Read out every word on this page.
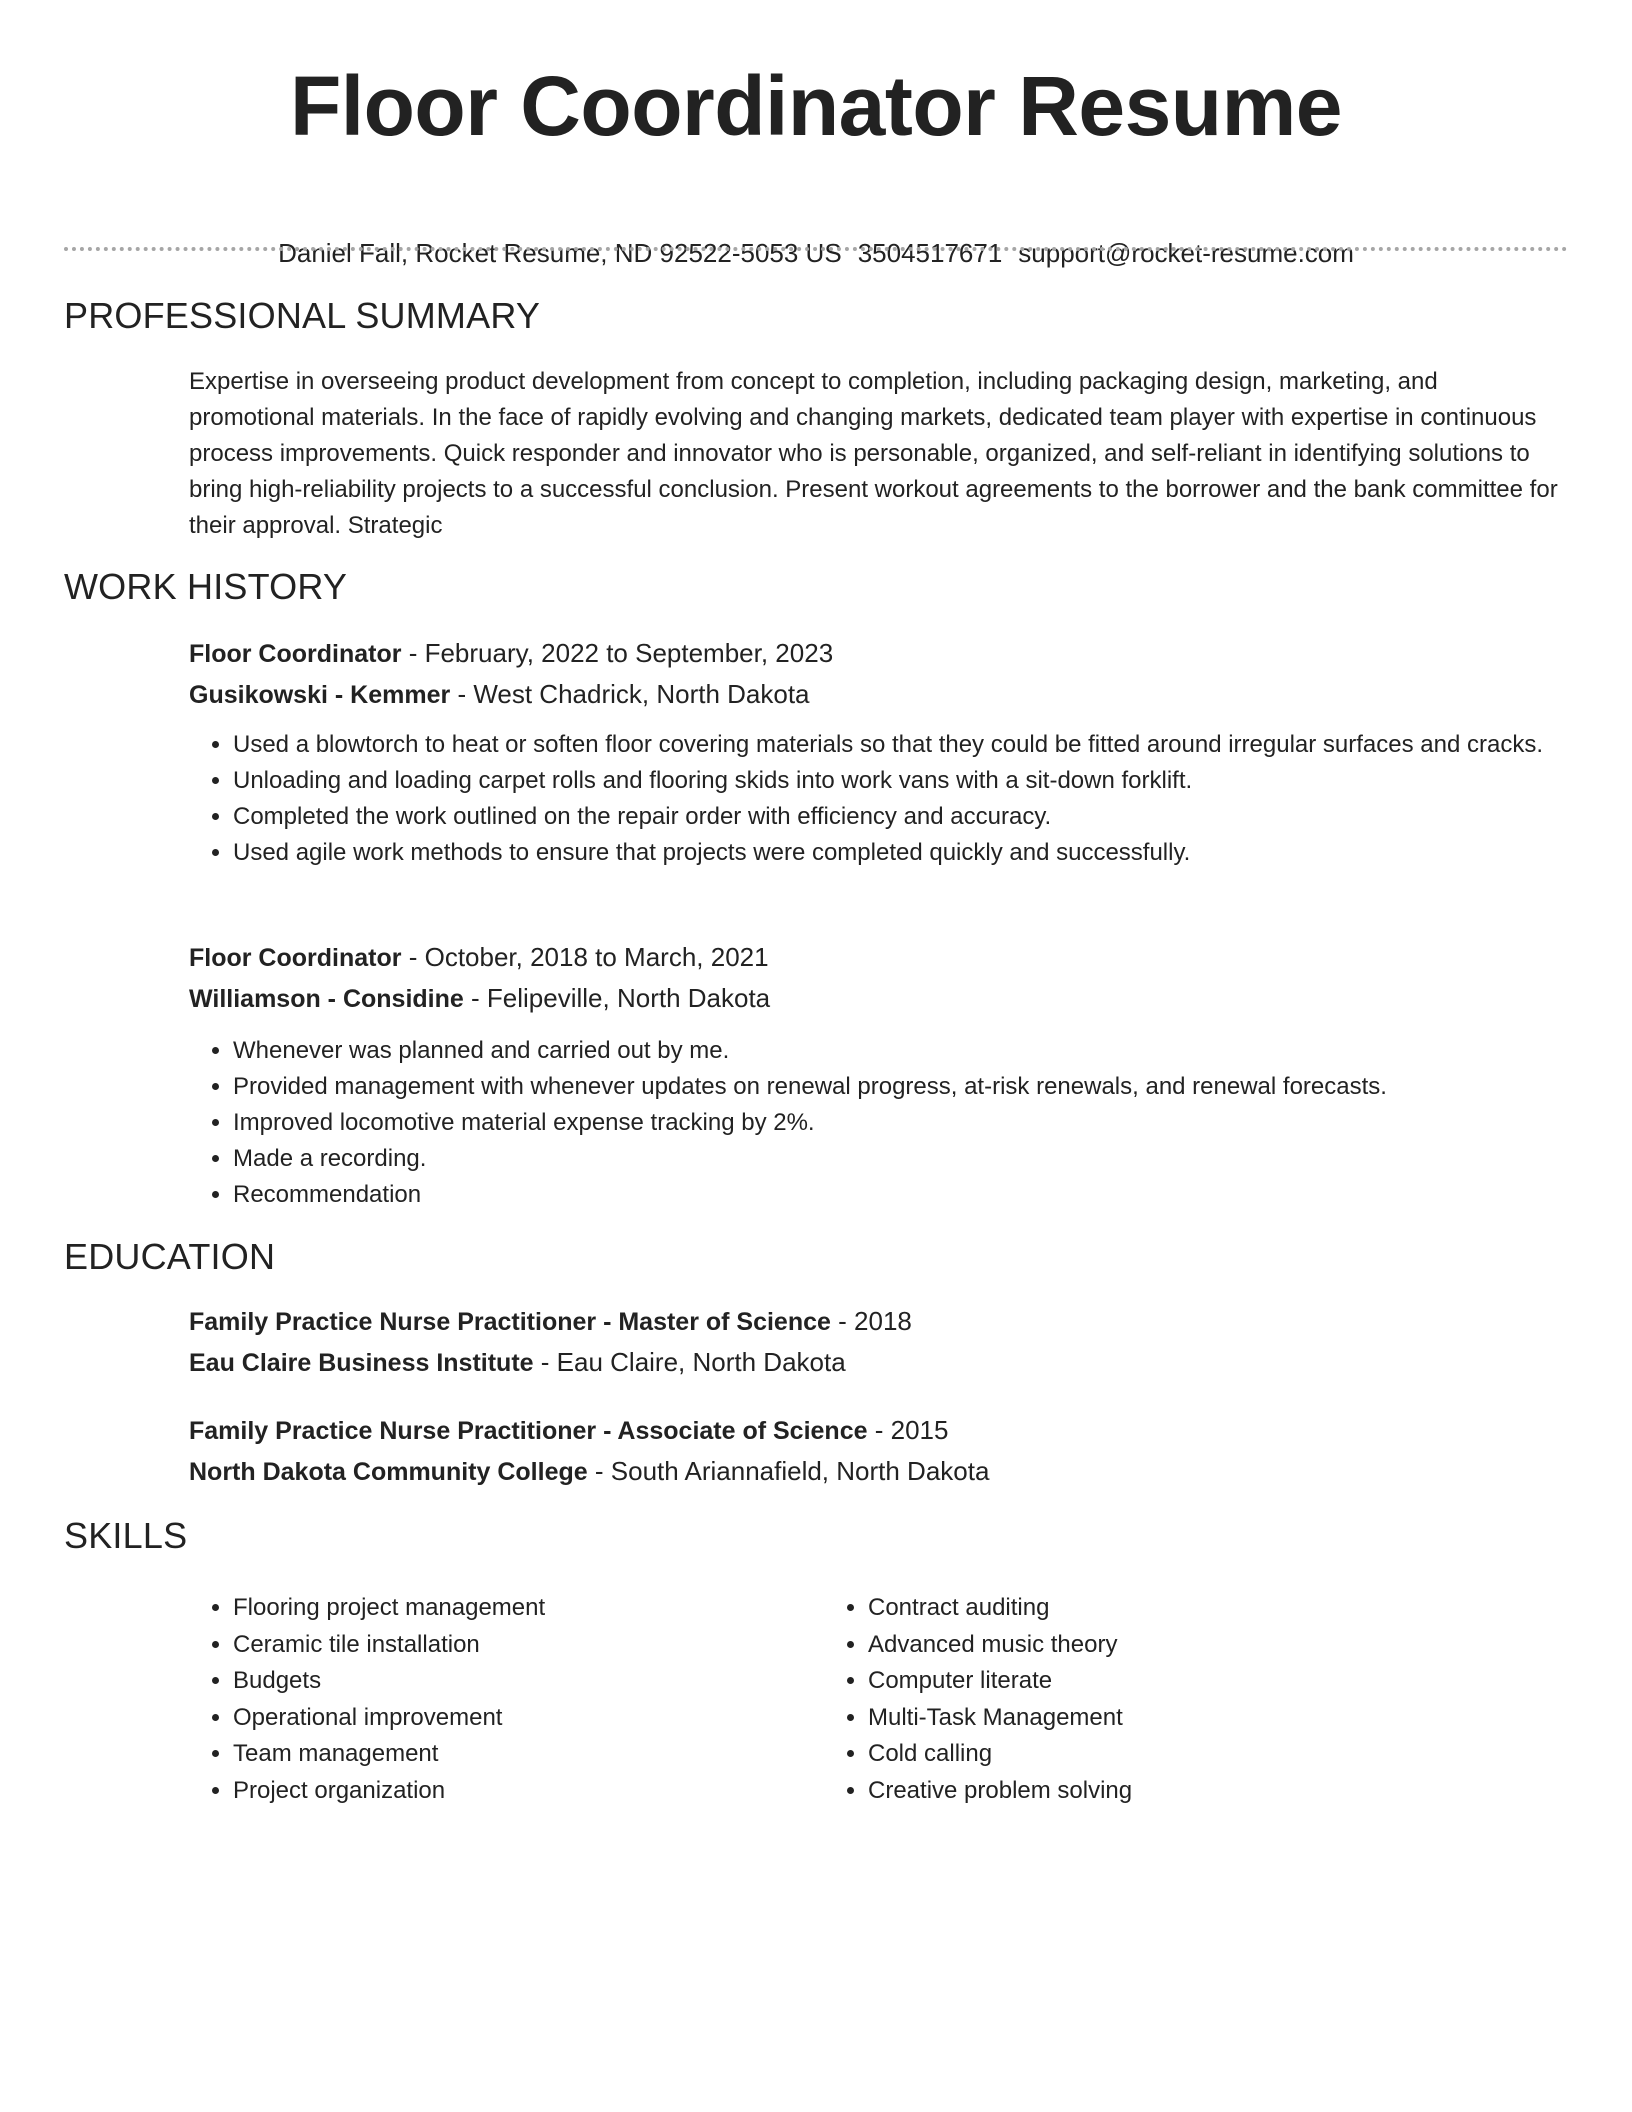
Floor Coordinator Resume
Daniel Fall, Rocket Resume, ND 92522-5053 US 3504517671 support@rocket-resume.com
PROFESSIONAL SUMMARY

Expertise in overseeing product development from concept to completion, including packaging design, marketing, and promotional materials. In the face of rapidly evolving and changing markets, dedicated team player with expertise in continuous process improvements. Quick responder and innovator who is personable, organized, and self-reliant in identifying solutions to bring high-reliability projects to a successful conclusion. Present workout agreements to the borrower and the bank committee for their approval. Strategic

WORK HISTORY

Floor Coordinator - February, 2022 to September, 2023

Gusikowski - Kemmer - West Chadrick, North Dakota

• Used a blowtorch to heat or soften floor covering materials so that they could be fitted around irregular surfaces and cracks.
• Unloading and loading carpet rolls and flooring skids into work vans with a sit-down forklift.
• Completed the work outlined on the repair order with efficiency and accuracy.
• Used agile work methods to ensure that projects were completed quickly and successfully.

Floor Coordinator - October, 2018 to March, 2021

Williamson - Considine - Felipeville, North Dakota

• Whenever was planned and carried out by me.
• Provided management with whenever updates on renewal progress, at-risk renewals, and renewal forecasts.
• Improved locomotive material expense tracking by 2%.
• Made a recording.
• Recommendation
EDUCATION

Family Practice Nurse Practitioner - Master of Science - 2018

Eau Claire Business Institute - Eau Claire, North Dakota

Family Practice Nurse Practitioner - Associate of Science - 2015

North Dakota Community College - South Ariannafield, North Dakota

SKILLS
• Flooring project management
• Ceramic tile installation
• Budgets
• Operational improvement
• Team management
• Project organization
• Contract auditing
• Advanced music theory
• Computer literate
• Multi-Task Management
• Cold calling
• Creative problem solving
